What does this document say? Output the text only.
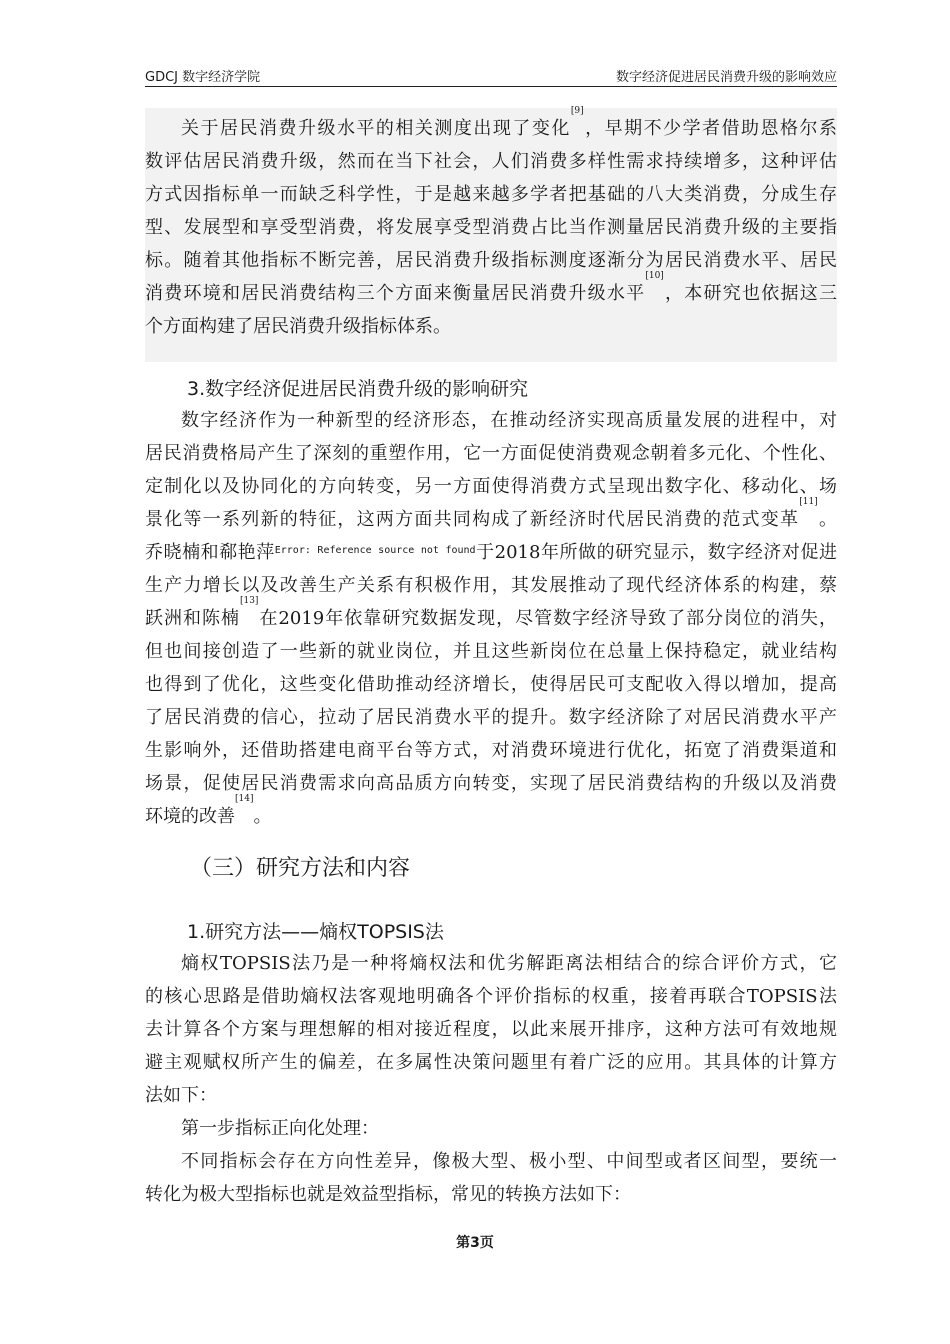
GDCJ 数字经济学院	数字经济促进居民消费升级的影响效应
关于居民消费升级水平的相关测度出现了变化[9]，早期不少学者借助恩格尔系
数评估居民消费升级，然而在当下社会，人们消费多样性需求持续增多，这种评估
方式因指标单一而缺乏科学性，于是越来越多学者把基础的八大类消费，分成生存
型、发展型和享受型消费，将发展享受型消费占比当作测量居民消费升级的主要指
标。随着其他指标不断完善，居民消费升级指标测度逐渐分为居民消费水平、居民
消费环境和居民消费结构三个方面来衡量居民消费升级水平[10]，本研究也依据这三
个方面构建了居民消费升级指标体系。
3.数字经济促进居民消费升级的影响研究
数字经济作为一种新型的经济形态，在推动经济实现高质量发展的进程中，对
居民消费格局产生了深刻的重塑作用，它一方面促使消费观念朝着多元化、个性化、
定制化以及协同化的方向转变，另一方面使得消费方式呈现出数字化、移动化、场
景化等一系列新的特征，这两方面共同构成了新经济时代居民消费的范式变革[11]。
乔晓楠和郗艳萍$^{Error: Reference source not found}$于2018年所做的研究显示，数字经济对促进
生产力增长以及改善生产关系有积极作用，其发展推动了现代经济体系的构建，蔡
跃洲和陈楠[13]在2019年依靠研究数据发现，尽管数字经济导致了部分岗位的消失，
但也间接创造了一些新的就业岗位，并且这些新岗位在总量上保持稳定，就业结构
也得到了优化，这些变化借助推动经济增长，使得居民可支配收入得以增加，提高
了居民消费的信心，拉动了居民消费水平的提升。数字经济除了对居民消费水平产
生影响外，还借助搭建电商平台等方式，对消费环境进行优化，拓宽了消费渠道和
场景，促使居民消费需求向高品质方向转变，实现了居民消费结构的升级以及消费
环境的改善[14]。
（三）研究方法和内容
1.研究方法——熵权TOPSIS法
熵权TOPSIS法乃是一种将熵权法和优劣解距离法相结合的综合评价方式，它
的核心思路是借助熵权法客观地明确各个评价指标的权重，接着再联合TOPSIS法
去计算各个方案与理想解的相对接近程度，以此来展开排序，这种方法可有效地规
避主观赋权所产生的偏差，在多属性决策问题里有着广泛的应用。其具体的计算方
法如下：
第一步指标正向化处理：
不同指标会存在方向性差异，像极大型、极小型、中间型或者区间型，要统一
转化为极大型指标也就是效益型指标，常见的转换方法如下：
第3页
